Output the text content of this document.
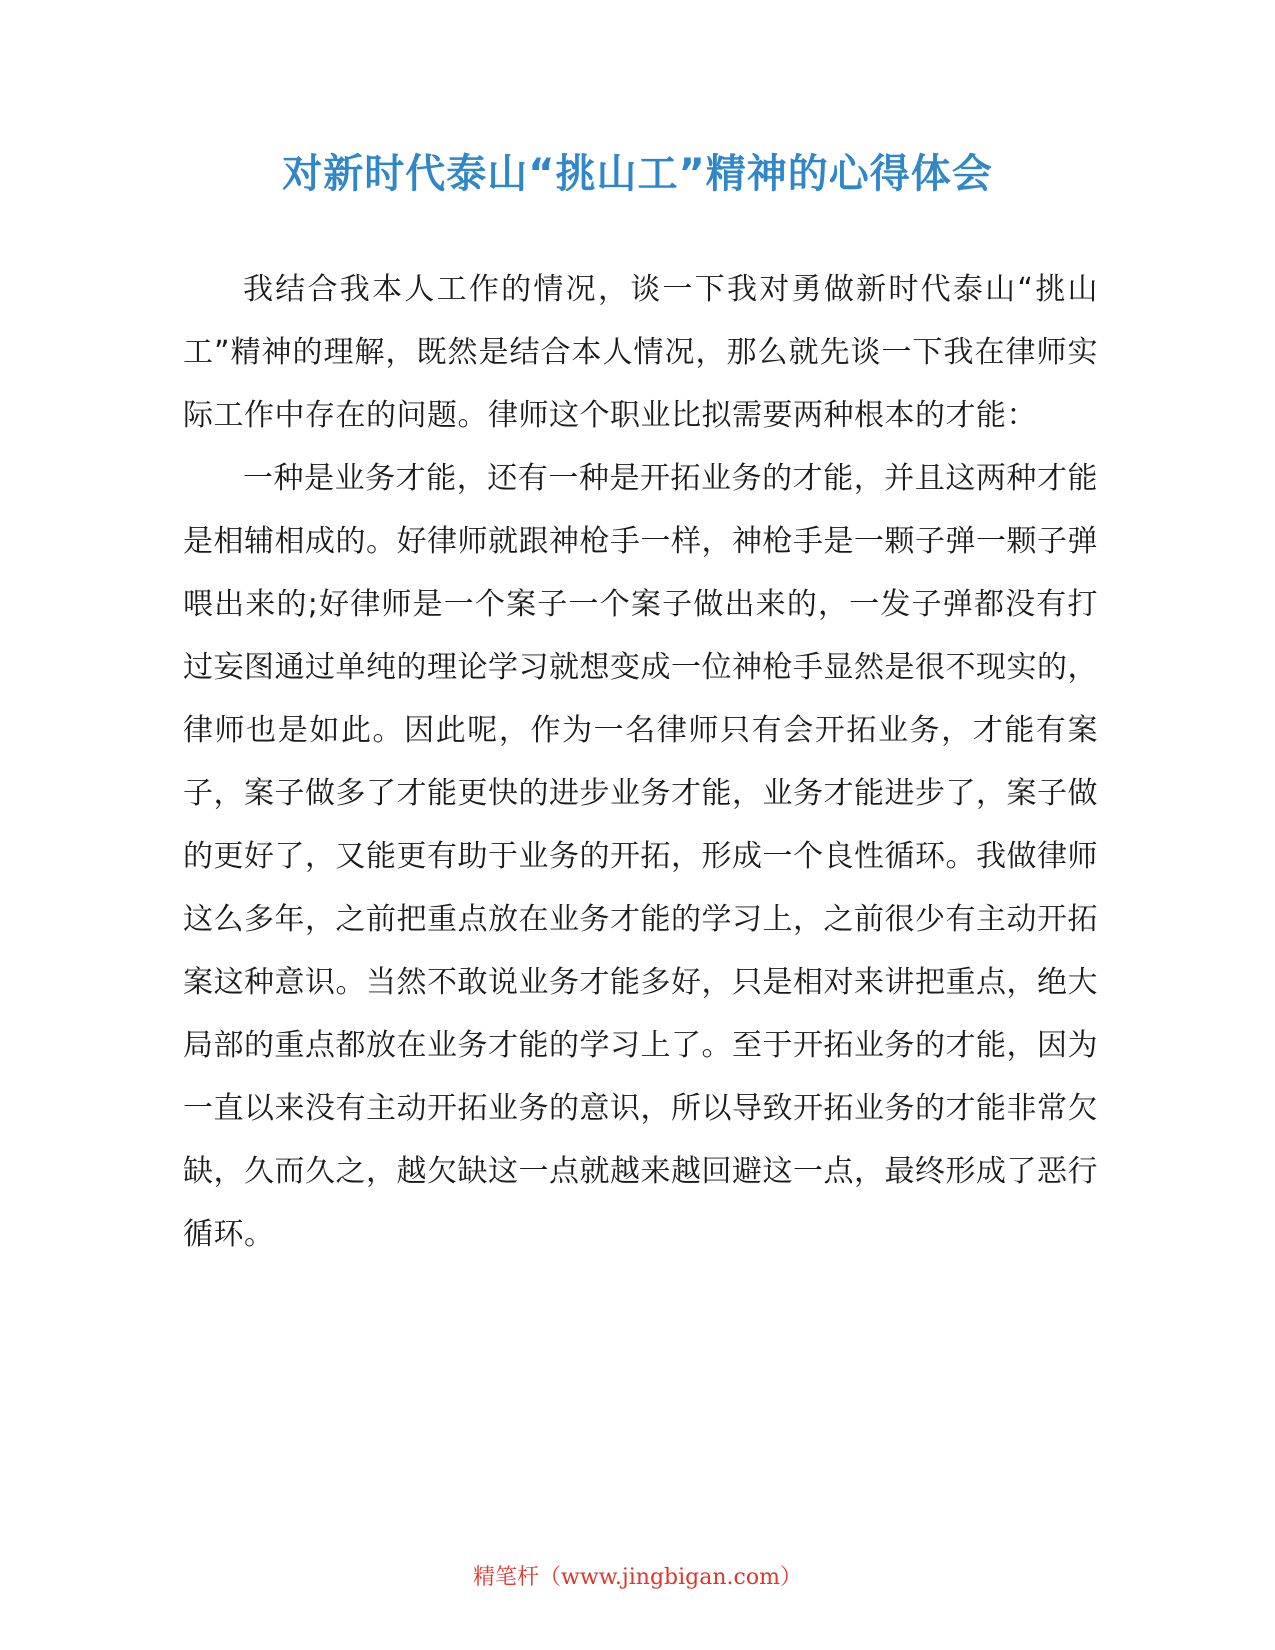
对新时代泰山“挑山工”精神的心得体会

我结合我本人工作的情况，谈一下我对勇做新时代泰山“挑山工”精神的理解，既然是结合本人情况，那么就先谈一下我在律师实际工作中存在的问题。律师这个职业比拟需要两种根本的才能：

一种是业务才能，还有一种是开拓业务的才能，并且这两种才能是相辅相成的。好律师就跟神枪手一样，神枪手是一颗子弹一颗子弹喂出来的;好律师是一个案子一个案子做出来的，一发子弹都没有打过妄图通过单纯的理论学习就想变成一位神枪手显然是很不现实的，律师也是如此。因此呢，作为一名律师只有会开拓业务，才能有案子，案子做多了才能更快的进步业务才能，业务才能进步了，案子做的更好了，又能更有助于业务的开拓，形成一个良性循环。我做律师这么多年，之前把重点放在业务才能的学习上，之前很少有主动开拓案这种意识。当然不敢说业务才能多好，只是相对来讲把重点，绝大局部的重点都放在业务才能的学习上了。至于开拓业务的才能，因为一直以来没有主动开拓业务的意识，所以导致开拓业务的才能非常欠缺，久而久之，越欠缺这一点就越来越回避这一点，最终形成了恶行循环。

精笔杆（www.jingbigan.com）
